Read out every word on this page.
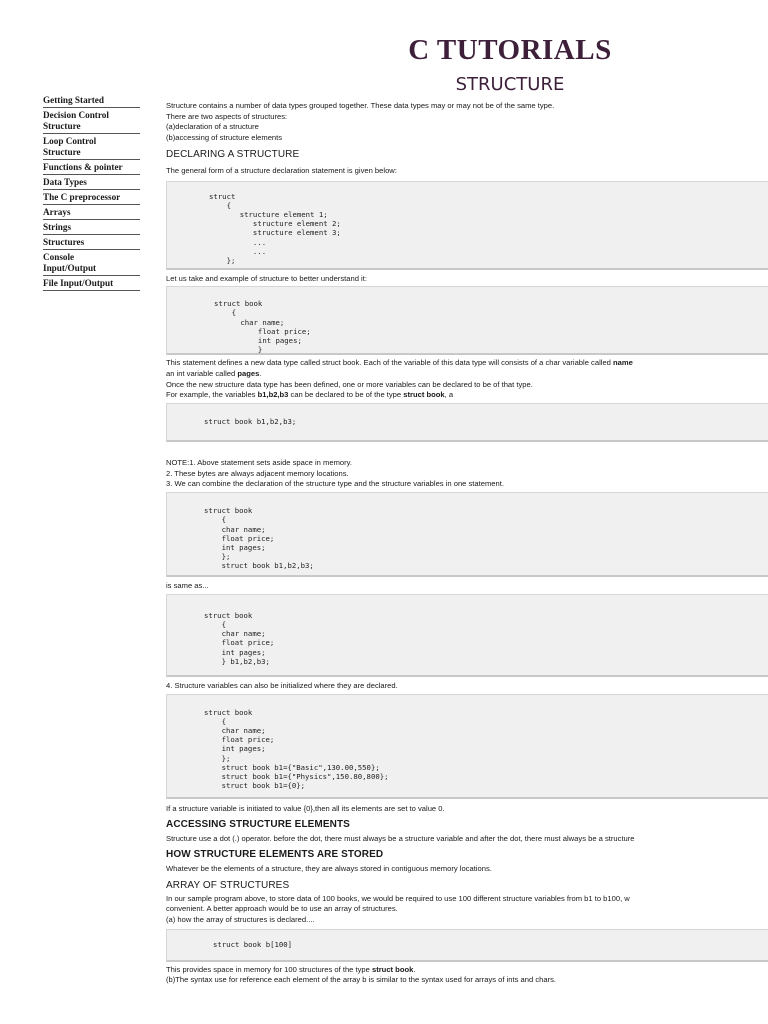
C TUTORIALS
STRUCTURE
Getting Started
Decision Control
Structure
Loop Control
Structure
Functions & pointer
Data Types
The C preprocessor
Arrays
Strings
Structures
Console
Input/Output
File Input/Output

Structure contains a number of data types grouped together. These data types may or may not be of the same type.

There are two aspects of structures:

(a)declaration of a structure

(b)accessing of structure elements

DECLARING A STRUCTURE

The general form of a structure declaration statement is given below:

struct
{
structure element 1;
structure element 2;
structure element 3;
...
...
};

Let us take and example of structure to better understand it:

struct book
{
char name;
float price;
int pages;
}

This statement defines a new data type called struct book. Each of the variable of this data type will consists of a char variable called name

an int variable called pages.

Once the new structure data type has been defined, one or more variables can be declared to be of that type.

For example, the variables b1,b2,b3 can be declared to be of the type struct book, a

struct book b1,b2,b3;

NOTE:1. Above statement sets aside space in memory.

2. These bytes are always adjacent memory locations.

3. We can combine the declaration of the structure type and the structure variables in one statement.

struct book
{
char name;
float price;
int pages;
};
struct book b1,b2,b3;

is same as...

struct book
{
char name;
float price;
int pages;
} b1,b2,b3;

4. Structure variables can also be initialized where they are declared.

struct book
{
char name;
float price;
int pages;
};
struct book b1={"Basic",130.00,550};
struct book b1={"Physics",150.80,800};
struct book b1={0};

If a structure variable is initiated to value {0},then all its elements are set to value 0.

ACCESSING STRUCTURE ELEMENTS

Structure use a dot (.) operator. before the dot, there must always be a structure variable and after the dot, there must always be a structure

HOW STRUCTURE ELEMENTS ARE STORED

Whatever be the elements of a structure, they are always stored in contiguous memory locations.

ARRAY OF STRUCTURES

In our sample program above, to store data of 100 books, we would be required to use 100 different structure variables from b1 to b100, w

convenient. A better approach would be to use an array of structures.

(a) how the array of structures is declared....

struct book b[100]

This provides space in memory for 100 structures of the type struct book.

(b)The syntax use for reference each element of the array b is similar to the syntax used for arrays of ints and chars.
